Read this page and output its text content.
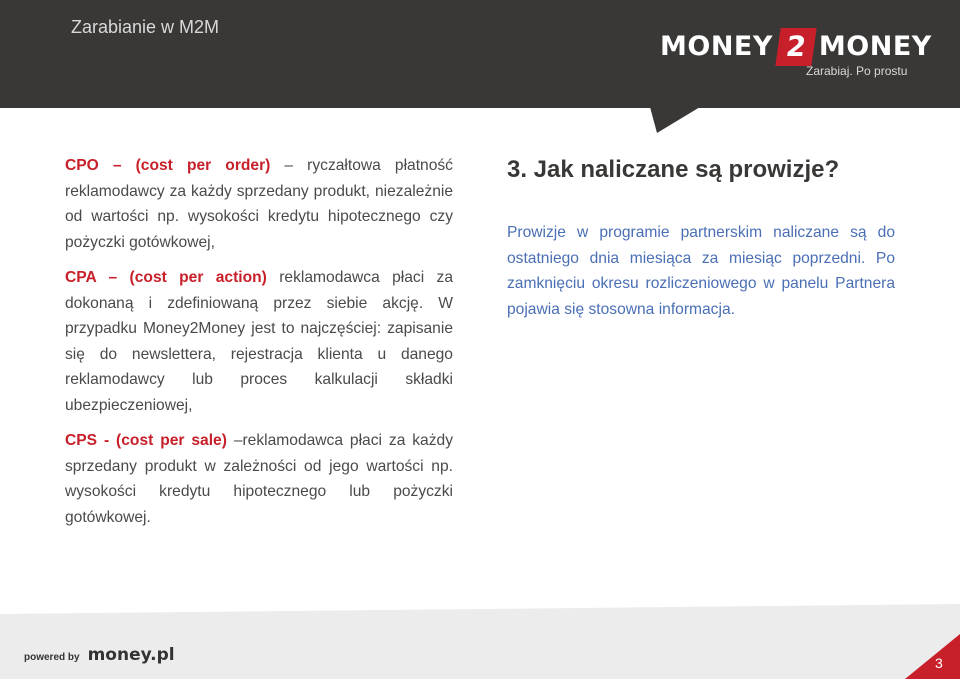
Zarabianie w M2M
MONEY 2 MONEY
Zarabiaj. Po prostu

CPO – (cost per order) – ryczałtowa płatność reklamodawcy za każdy sprzedany produkt, niezależnie od wartości np. wysokości kredytu hipotecznego czy pożyczki gotówkowej,

CPA – (cost per action) reklamodawca płaci za dokonaną i zdefiniowaną przez siebie akcję. W przypadku Money2Money jest to najczęściej: zapisanie się do newslettera, rejestracja klienta u danego reklamodawcy lub proces kalkulacji składki ubezpieczeniowej,

CPS - (cost per sale) –reklamodawca płaci za każdy sprzedany produkt w zależności od jego wartości np. wysokości kredytu hipotecznego lub pożyczki gotówkowej.

3. Jak naliczane są prowizje?

Prowizje w programie partnerskim naliczane są do ostatniego dnia miesiąca za miesiąc poprzedni. Po zamknięciu okresu rozliczeniowego w panelu Partnera pojawia się stosowna informacja.

powered by money.pl	3
